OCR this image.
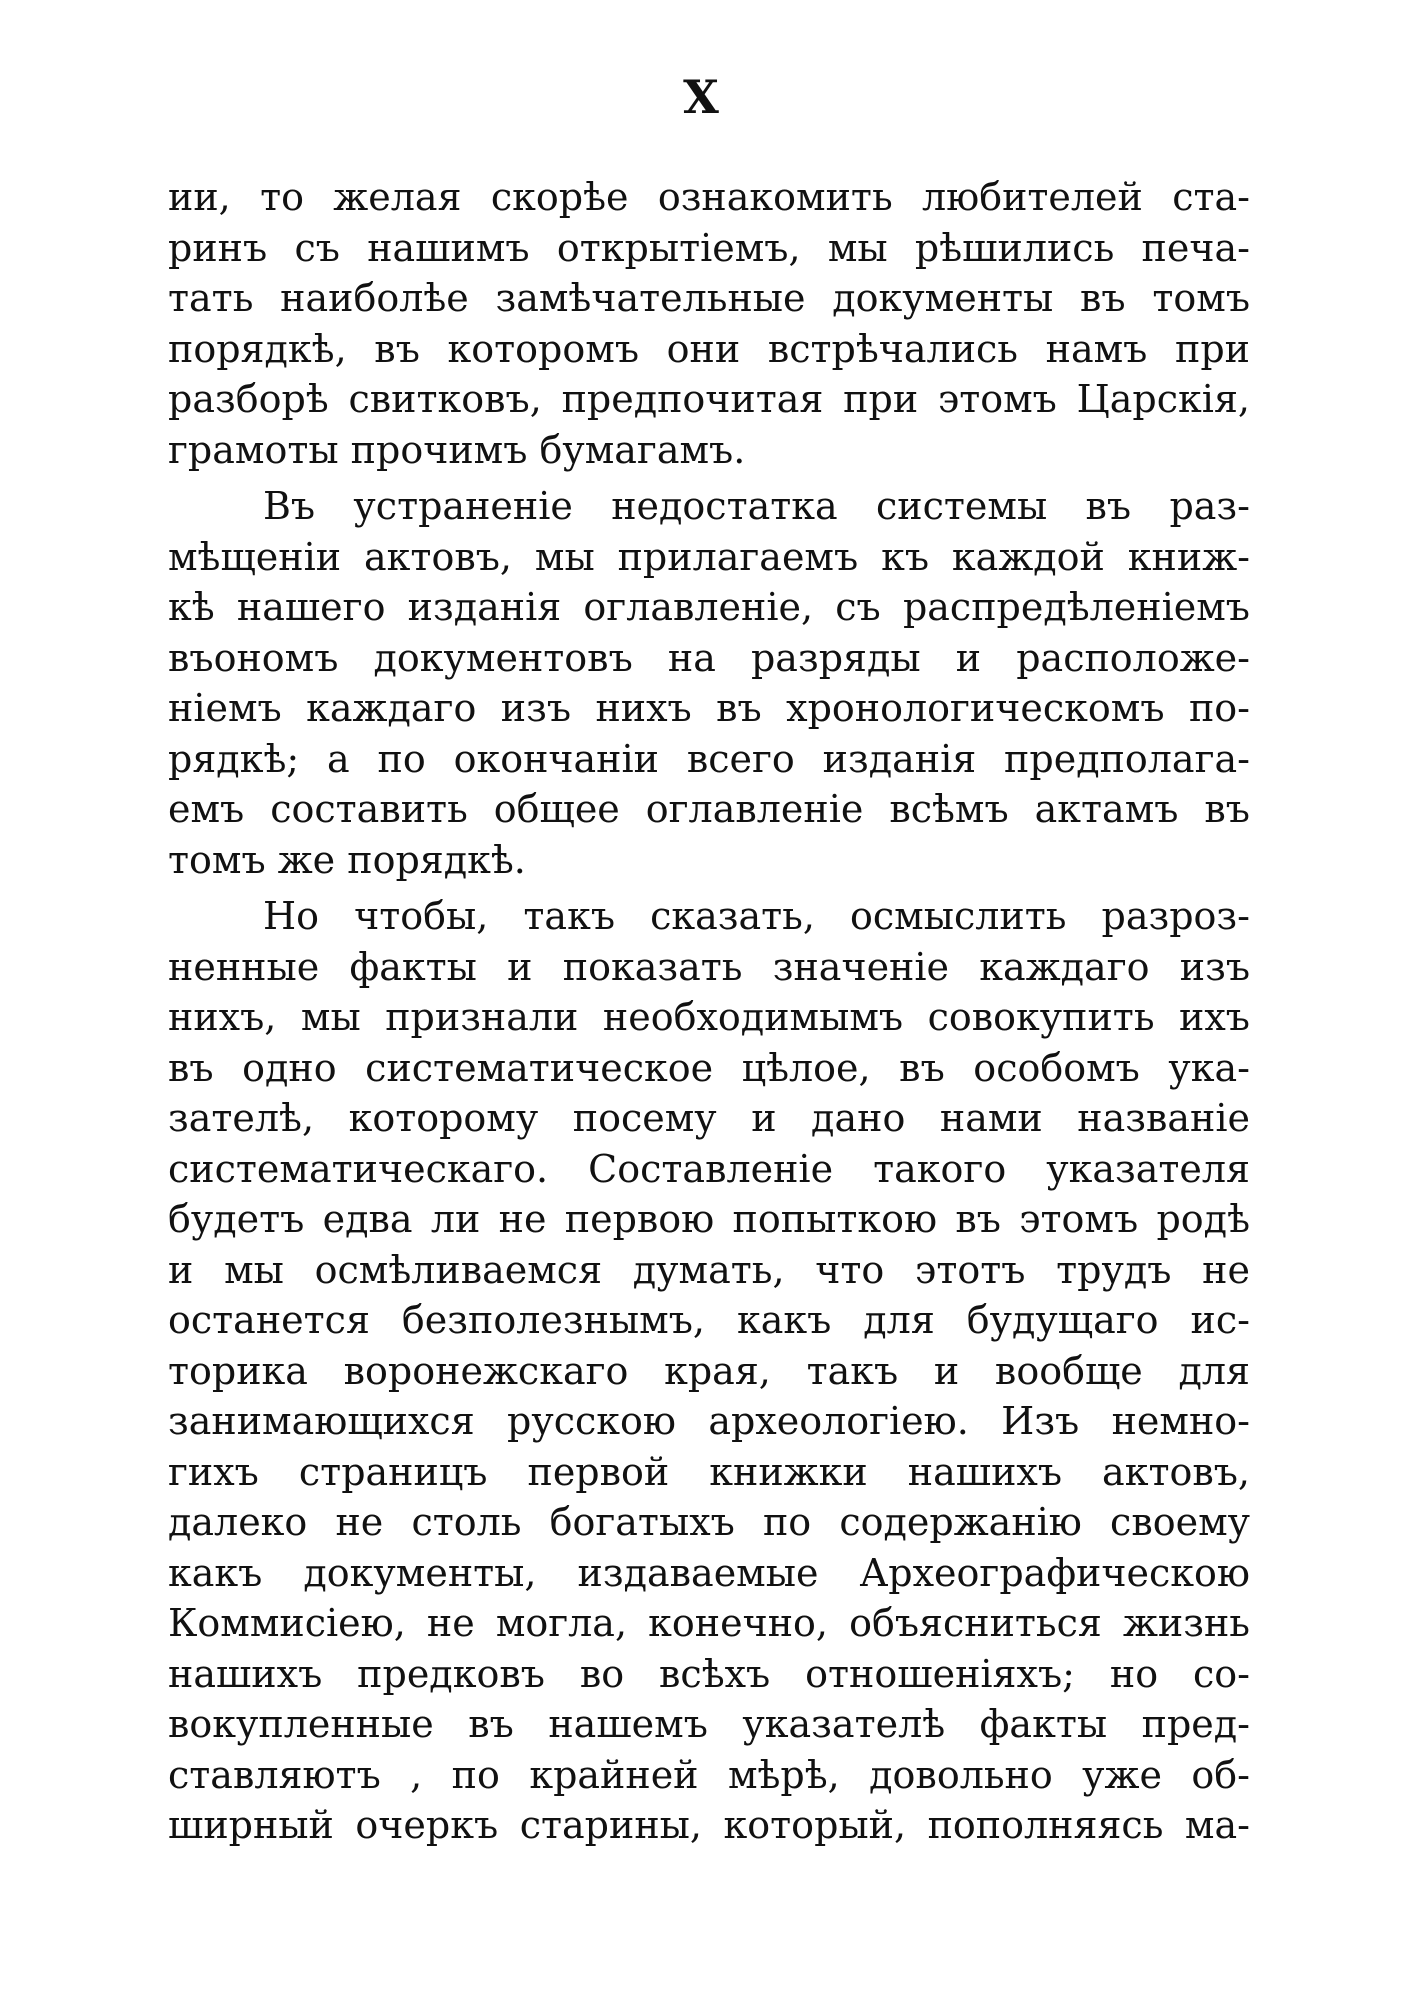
X
ии, то желая скорѣе ознакомить любителей ста-
ринъ съ нашимъ открытіемъ, мы рѣшились печа-
тать наиболѣе замѣчательные документы въ томъ
порядкѣ, въ которомъ они встрѣчались намъ при
разборѣ свитковъ, предпочитая при этомъ Царскія,
грамоты прочимъ бумагамъ.
Въ устраненіе недостатка системы въ раз-
мѣщеніи актовъ, мы прилагаемъ къ каждой книж-
кѣ нашего изданія оглавленіе, съ распредѣленіемъ
въономъ документовъ на разряды и расположе-
ніемъ каждаго изъ нихъ въ хронологическомъ по-
рядкѣ; а по окончаніи всего изданія предполага-
емъ составить общее оглавленіе всѣмъ актамъ въ
томъ же порядкѣ.
Но чтобы, такъ сказать, осмыслить разроз-
ненные факты и показать значеніе каждаго изъ
нихъ, мы признали необходимымъ совокупить ихъ
въ одно систематическое цѣлое, въ особомъ ука-
зателѣ, которому посему и дано нами названіе
систематическаго. Составленіе такого указателя
будетъ едва ли не первою попыткою въ этомъ родѣ
и мы осмѣливаемся думать, что этотъ трудъ не
останется безполезнымъ, какъ для будущаго ис-
торика воронежскаго края, такъ и вообще для
занимающихся русскою археологіею. Изъ немно-
гихъ страницъ первой книжки нашихъ актовъ,
далеко не столь богатыхъ по содержанію своему
какъ документы, издаваемые Археографическою
Коммисіею, не могла, конечно, объясниться жизнь
нашихъ предковъ во всѣхъ отношеніяхъ; но со-
вокупленные въ нашемъ указателѣ факты пред-
ставляютъ , по крайней мѣрѣ, довольно уже об-
ширный очеркъ старины, который, пополняясь ма-
